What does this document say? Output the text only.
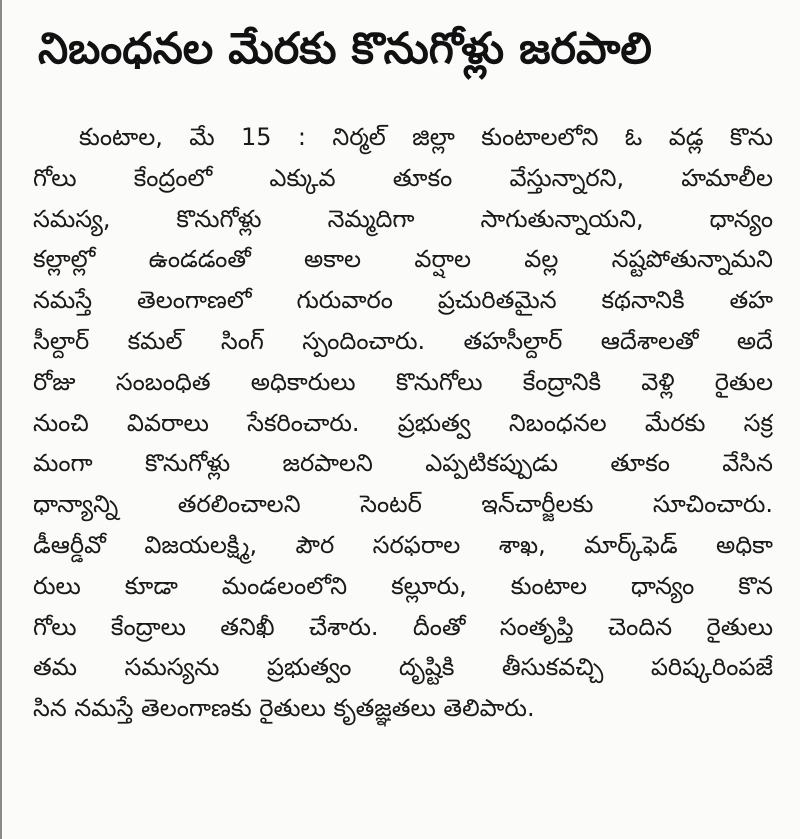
నిబంధనల మేరకు కొనుగోళ్లు జరపాలి
కుంటాల, మే 15 : నిర్మల్ జిల్లా కుంటాలలోని ఓ వడ్ల కొను
గోలు కేంద్రంలో ఎక్కువ తూకం వేస్తున్నారని, హమాలీల
సమస్య, కొనుగోళ్లు నెమ్మదిగా సాగుతున్నాయని, ధాన్యం
కల్లాల్లో ఉండడంతో అకాల వర్షాల వల్ల నష్టపోతున్నామని
నమస్తే తెలంగాణలో గురువారం ప్రచురితమైన కథనానికి తహ
సీల్దార్ కమల్ సింగ్ స్పందించారు. తహసీల్దార్ ఆదేశాలతో అదే
రోజు సంబంధిత అధికారులు కొనుగోలు కేంద్రానికి వెళ్లి రైతుల
నుంచి వివరాలు సేకరించారు. ప్రభుత్వ నిబంధనల మేరకు సక్ర
మంగా కొనుగోళ్లు జరపాలని ఎప్పటికప్పుడు తూకం వేసిన
ధాన్యాన్ని తరలించాలని సెంటర్ ఇన్‌చార్జీలకు సూచించారు.
డీఆర్డీవో విజయలక్ష్మి, పౌర సరఫరాల శాఖ, మార్క్‌ఫెడ్ అధికా
రులు కూడా మండలంలోని కల్లూరు, కుంటాల ధాన్యం కొన
గోలు కేంద్రాలు తనిఖీ చేశారు. దీంతో సంతృప్తి చెందిన రైతులు
తమ సమస్యను ప్రభుత్వం దృష్టికి తీసుకవచ్చి పరిష్కరింపజే
సిన నమస్తే తెలంగాణకు రైతులు కృతజ్ఞతలు తెలిపారు.
